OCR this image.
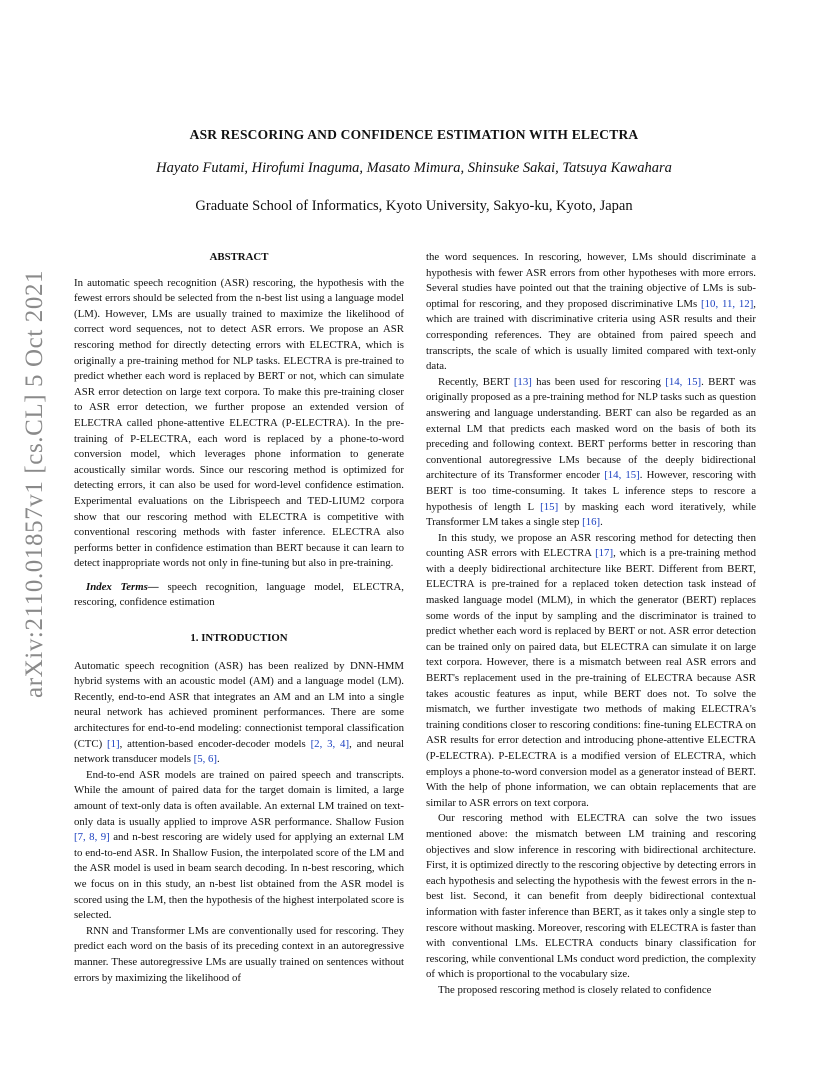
arXiv:2110.01857v1 [cs.CL] 5 Oct 2021
ASR RESCORING AND CONFIDENCE ESTIMATION WITH ELECTRA
Hayato Futami, Hirofumi Inaguma, Masato Mimura, Shinsuke Sakai, Tatsuya Kawahara
Graduate School of Informatics, Kyoto University, Sakyo-ku, Kyoto, Japan
ABSTRACT

In automatic speech recognition (ASR) rescoring, the hypothesis with the fewest errors should be selected from the n-best list using a language model (LM). However, LMs are usually trained to maximize the likelihood of correct word sequences, not to detect ASR errors. We propose an ASR rescoring method for directly detecting errors with ELECTRA, which is originally a pre-training method for NLP tasks. ELECTRA is pre-trained to predict whether each word is replaced by BERT or not, which can simulate ASR error detection on large text corpora. To make this pre-training closer to ASR error detection, we further propose an extended version of ELECTRA called phone-attentive ELECTRA (P-ELECTRA). In the pre-training of P-ELECTRA, each word is replaced by a phone-to-word conversion model, which leverages phone information to generate acoustically similar words. Since our rescoring method is optimized for detecting errors, it can also be used for word-level confidence estimation. Experimental evaluations on the Librispeech and TED-LIUM2 corpora show that our rescoring method with ELECTRA is competitive with conventional rescoring methods with faster inference. ELECTRA also performs better in confidence estimation than BERT because it can learn to detect inappropriate words not only in fine-tuning but also in pre-training.

Index Terms— speech recognition, language model, ELECTRA, rescoring, confidence estimation

1. INTRODUCTION

Automatic speech recognition (ASR) has been realized by DNN-HMM hybrid systems with an acoustic model (AM) and a language model (LM). Recently, end-to-end ASR that integrates an AM and an LM into a single neural network has achieved prominent performances. There are some architectures for end-to-end modeling: connectionist temporal classification (CTC) [1], attention-based encoder-decoder models [2, 3, 4], and neural network transducer models [5, 6].

End-to-end ASR models are trained on paired speech and transcripts. While the amount of paired data for the target domain is limited, a large amount of text-only data is often available. An external LM trained on text-only data is usually applied to improve ASR performance. Shallow Fusion [7, 8, 9] and n-best rescoring are widely used for applying an external LM to end-to-end ASR. In Shallow Fusion, the interpolated score of the LM and the ASR model is used in beam search decoding. In n-best rescoring, which we focus on in this study, an n-best list obtained from the ASR model is scored using the LM, then the hypothesis of the highest interpolated score is selected.

RNN and Transformer LMs are conventionally used for rescoring. They predict each word on the basis of its preceding context in an autoregressive manner. These autoregressive LMs are usually trained on sentences without errors by maximizing the likelihood of

the word sequences. In rescoring, however, LMs should discriminate a hypothesis with fewer ASR errors from other hypotheses with more errors. Several studies have pointed out that the training objective of LMs is sub-optimal for rescoring, and they proposed discriminative LMs [10, 11, 12], which are trained with discriminative criteria using ASR results and their corresponding references. They are obtained from paired speech and transcripts, the scale of which is usually limited compared with text-only data.

Recently, BERT [13] has been used for rescoring [14, 15]. BERT was originally proposed as a pre-training method for NLP tasks such as question answering and language understanding. BERT can also be regarded as an external LM that predicts each masked word on the basis of both its preceding and following context. BERT performs better in rescoring than conventional autoregressive LMs because of the deeply bidirectional architecture of its Transformer encoder [14, 15]. However, rescoring with BERT is too time-consuming. It takes L inference steps to rescore a hypothesis of length L [15] by masking each word iteratively, while Transformer LM takes a single step [16].

In this study, we propose an ASR rescoring method for detecting then counting ASR errors with ELECTRA [17], which is a pre-training method with a deeply bidirectional architecture like BERT. Different from BERT, ELECTRA is pre-trained for a replaced token detection task instead of masked language model (MLM), in which the generator (BERT) replaces some words of the input by sampling and the discriminator is trained to predict whether each word is replaced by BERT or not. ASR error detection can be trained only on paired data, but ELECTRA can simulate it on large text corpora. However, there is a mismatch between real ASR errors and BERT's replacement used in the pre-training of ELECTRA because ASR takes acoustic features as input, while BERT does not. To solve the mismatch, we further investigate two methods of making ELECTRA's training conditions closer to rescoring conditions: fine-tuning ELECTRA on ASR results for error detection and introducing phone-attentive ELECTRA (P-ELECTRA). P-ELECTRA is a modified version of ELECTRA, which employs a phone-to-word conversion model as a generator instead of BERT. With the help of phone information, we can obtain replacements that are similar to ASR errors on text corpora.

Our rescoring method with ELECTRA can solve the two issues mentioned above: the mismatch between LM training and rescoring objectives and slow inference in rescoring with bidirectional architecture. First, it is optimized directly to the rescoring objective by detecting errors in each hypothesis and selecting the hypothesis with the fewest errors in the n-best list. Second, it can benefit from deeply bidirectional contextual information with faster inference than BERT, as it takes only a single step to rescore without masking. Moreover, rescoring with ELECTRA is faster than with conventional LMs. ELECTRA conducts binary classification for rescoring, while conventional LMs conduct word prediction, the complexity of which is proportional to the vocabulary size.

The proposed rescoring method is closely related to confidence
